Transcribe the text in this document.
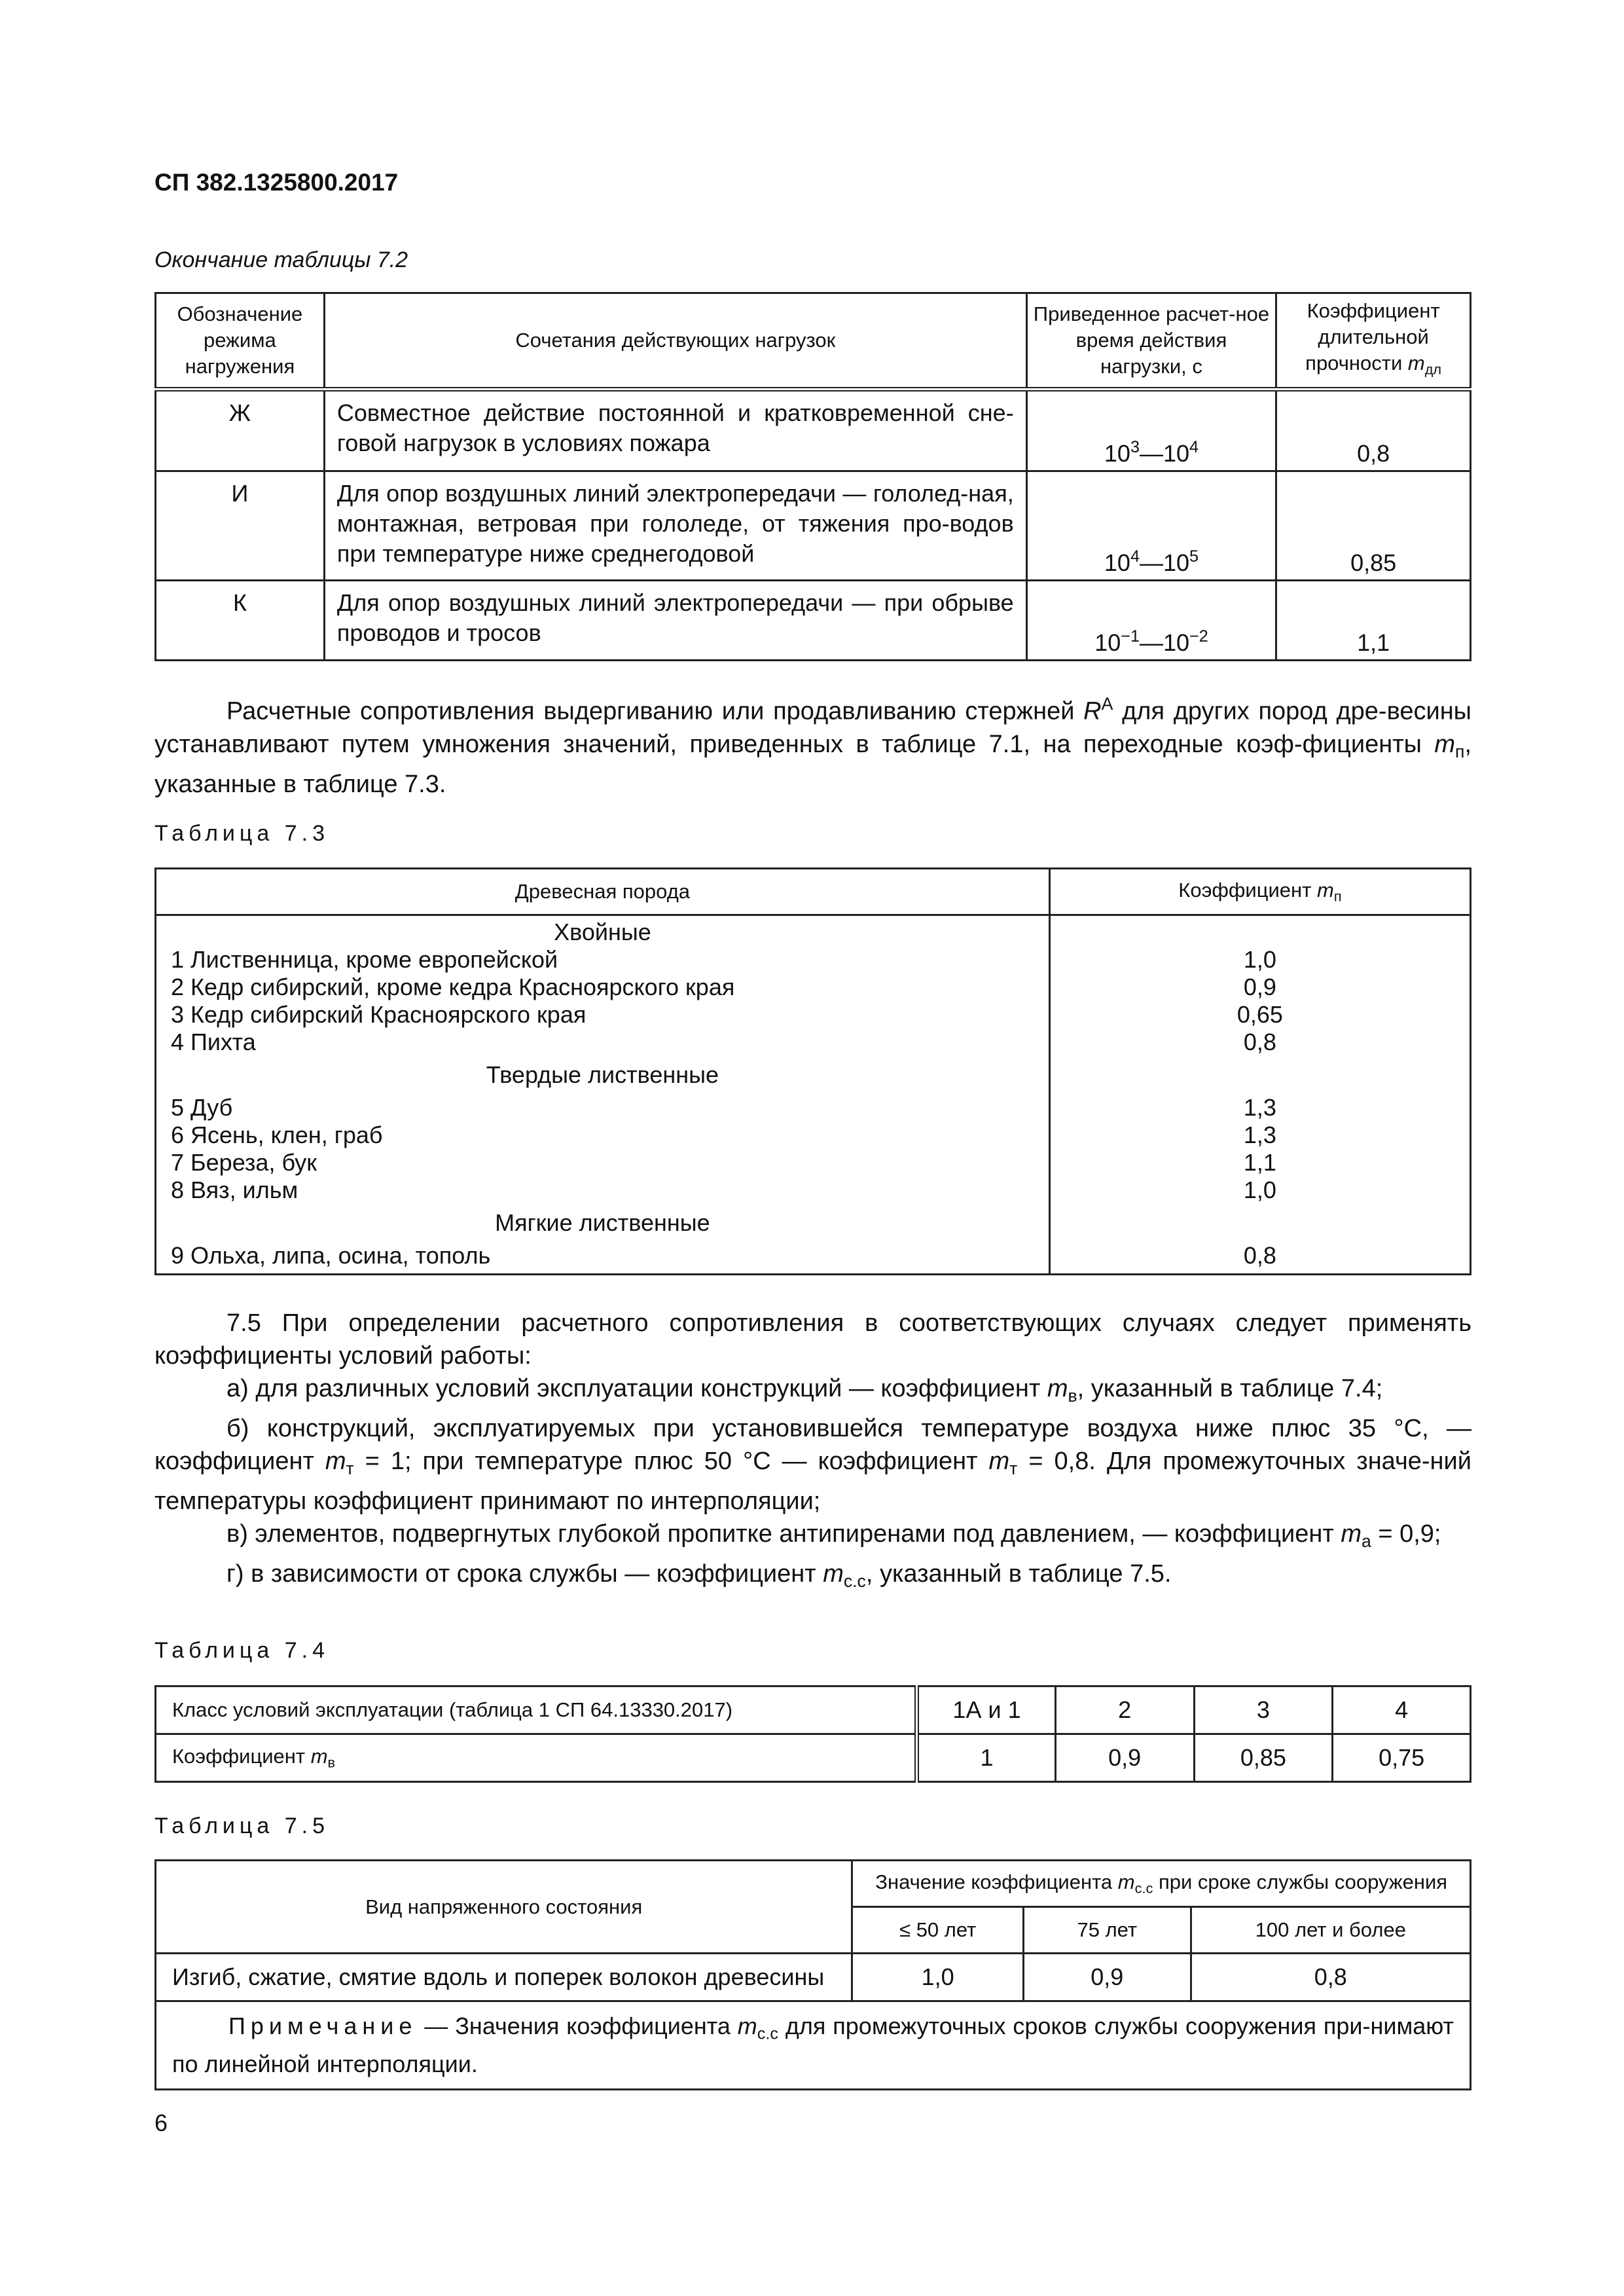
СП 382.1325800.2017
Окончание таблицы 7.2
Обозначение режима нагружения	Сочетания действующих нагрузок	Приведенное расчет-ное время действия нагрузки, с	Коэффициент длительной прочности $m_{дл}$
Ж	Совместное действие постоянной и кратковременной сне-говой нагрузок в условиях пожара	$10^3—10^4$	0,8
И	Для опор воздушных линий электропередачи — гололед-ная, монтажная, ветровая при гололеде, от тяжения про-водов при температуре ниже среднегодовой	$10^4—10^5$	0,85
К	Для опор воздушных линий электропередачи — при обрыве проводов и тросов	$10^{-1}—10^{-2}$	1,1

Расчетные сопротивления выдергиванию или продавливанию стержней $R^A$ для других пород дре-весины устанавливают путем умножения значений, приведенных в таблице 7.1, на переходные коэф-фициенты $m_п$, указанные в таблице 7.3.

Таблица 7.3
Древесная порода	Коэффициент $m_п$
Хвойные	
1 Лиственница, кроме европейской	1,0
2 Кедр сибирский, кроме кедра Красноярского края	0,9
3 Кедр сибирский Красноярского края	0,65
4 Пихта	0,8
Твердые лиственные	
5 Дуб	1,3
6 Ясень, клен, граб	1,3
7 Береза, бук	1,1
8 Вяз, ильм	1,0
Мягкие лиственные	
9 Ольха, липа, осина, тополь	0,8

7.5 При определении расчетного сопротивления в соответствующих случаях следует применять коэффициенты условий работы:

а) для различных условий эксплуатации конструкций — коэффициент $m_в$, указанный в таблице 7.4;

б) конструкций, эксплуатируемых при установившейся температуре воздуха ниже плюс 35 °C, — коэффициент $m_т = 1$; при температуре плюс 50 °C — коэффициент $m_т = 0,8$. Для промежуточных значе-ний температуры коэффициент принимают по интерполяции;

в) элементов, подвергнутых глубокой пропитке антипиренами под давлением, — коэффициент $m_а = 0,9$;

г) в зависимости от срока службы — коэффициент $m_{с.с}$, указанный в таблице 7.5.

Таблица 7.4
Класс условий эксплуатации (таблица 1 СП 64.13330.2017)	1А и 1	2	3	4
Коэффициент $m_в$	1	0,9	0,85	0,75
Таблица 7.5
Вид напряженного состояния	Значение коэффициента $m_{с.с}$ при сроке службы сооружения		
	≤ 50 лет	75 лет	100 лет и более
Изгиб, сжатие, смятие вдоль и поперек волокон древесины	1,0	0,9	0,8
Примечание — Значения коэффициента $m_{с.с}$ для промежуточных сроков службы сооружения при-нимают по линейной интерполяции.			
6
